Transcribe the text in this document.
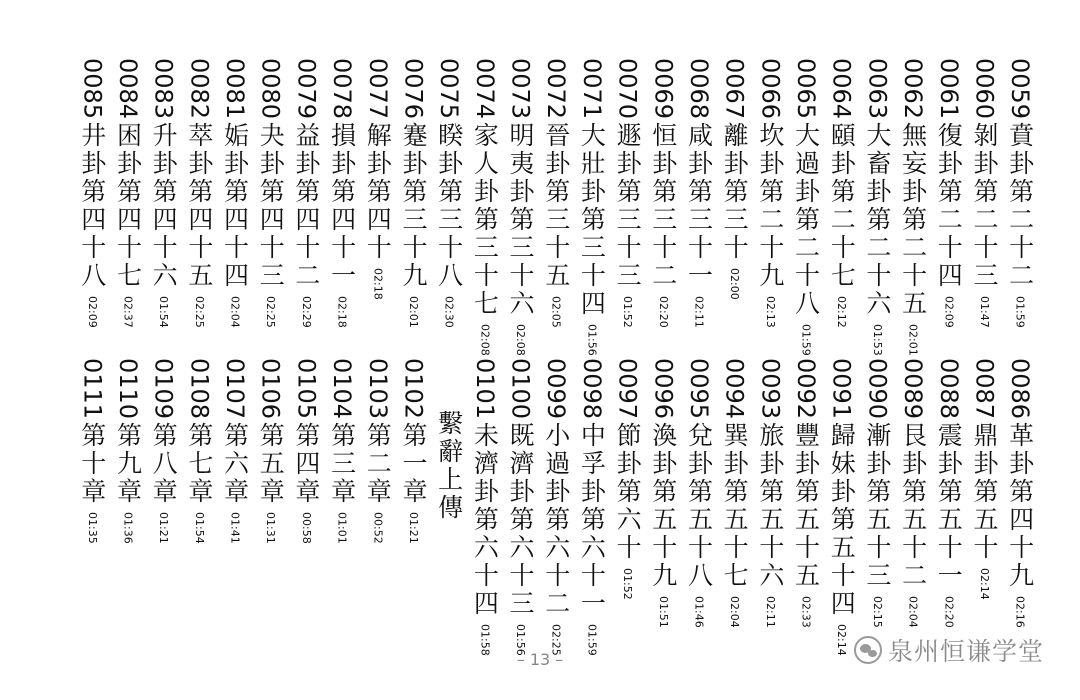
0059
賁卦第二十二
01:59
0060
剝卦第二十三
01:47
0061
復卦第二十四
02:09
0062
無妄卦第二十五
02:01
0063
大畜卦第二十六
01:53
0064
頤卦第二十七
02:12
0065
大過卦第二十八
01:59
0066
坎卦第二十九
02:13
0067
離卦第三十
02:00
0068
咸卦第三十一
02:11
0069
恒卦第三十二
02:20
0070
遯卦第三十三
01:52
0071
大壯卦第三十四
01:56
0072
晉卦第三十五
02:05
0073
明夷卦第三十六
02:08
0074
家人卦第三十七
02:08
0075
睽卦第三十八
02:30
0076
蹇卦第三十九
02:01
0077
解卦第四十
02:18
0078
損卦第四十一
02:18
0079
益卦第四十二
02:29
0080
夬卦第四十三
02:25
0081
姤卦第四十四
02:04
0082
萃卦第四十五
02:25
0083
升卦第四十六
01:54
0084
困卦第四十七
02:37
0085
井卦第四十八
02:09
0086
革卦第四十九
02:16
0087
鼎卦第五十
02:14
0088
震卦第五十一
02:20
0089
艮卦第五十二
02:04
0090
漸卦第五十三
02:15
0091
歸妹卦第五十四
02:14
0092
豐卦第五十五
02:33
0093
旅卦第五十六
02:11
0094
巽卦第五十七
02:04
0095
兌卦第五十八
01:46
0096
渙卦第五十九
01:51
0097
節卦第六十
01:52
0098
中孚卦第六十一
01:59
0099
小過卦第六十二
02:25
0100
既濟卦第六十三
01:56
0101
未濟卦第六十四
01:58
繫辭上傳
0102
第一章
01:21
0103
第二章
00:52
0104
第三章
01:01
0105
第四章
00:58
0106
第五章
01:31
0107
第六章
01:41
0108
第七章
01:54
0109
第八章
01:21
0110
第九章
01:36
0111
第十章
01:35
– 13 –	泉州恒谦学堂
